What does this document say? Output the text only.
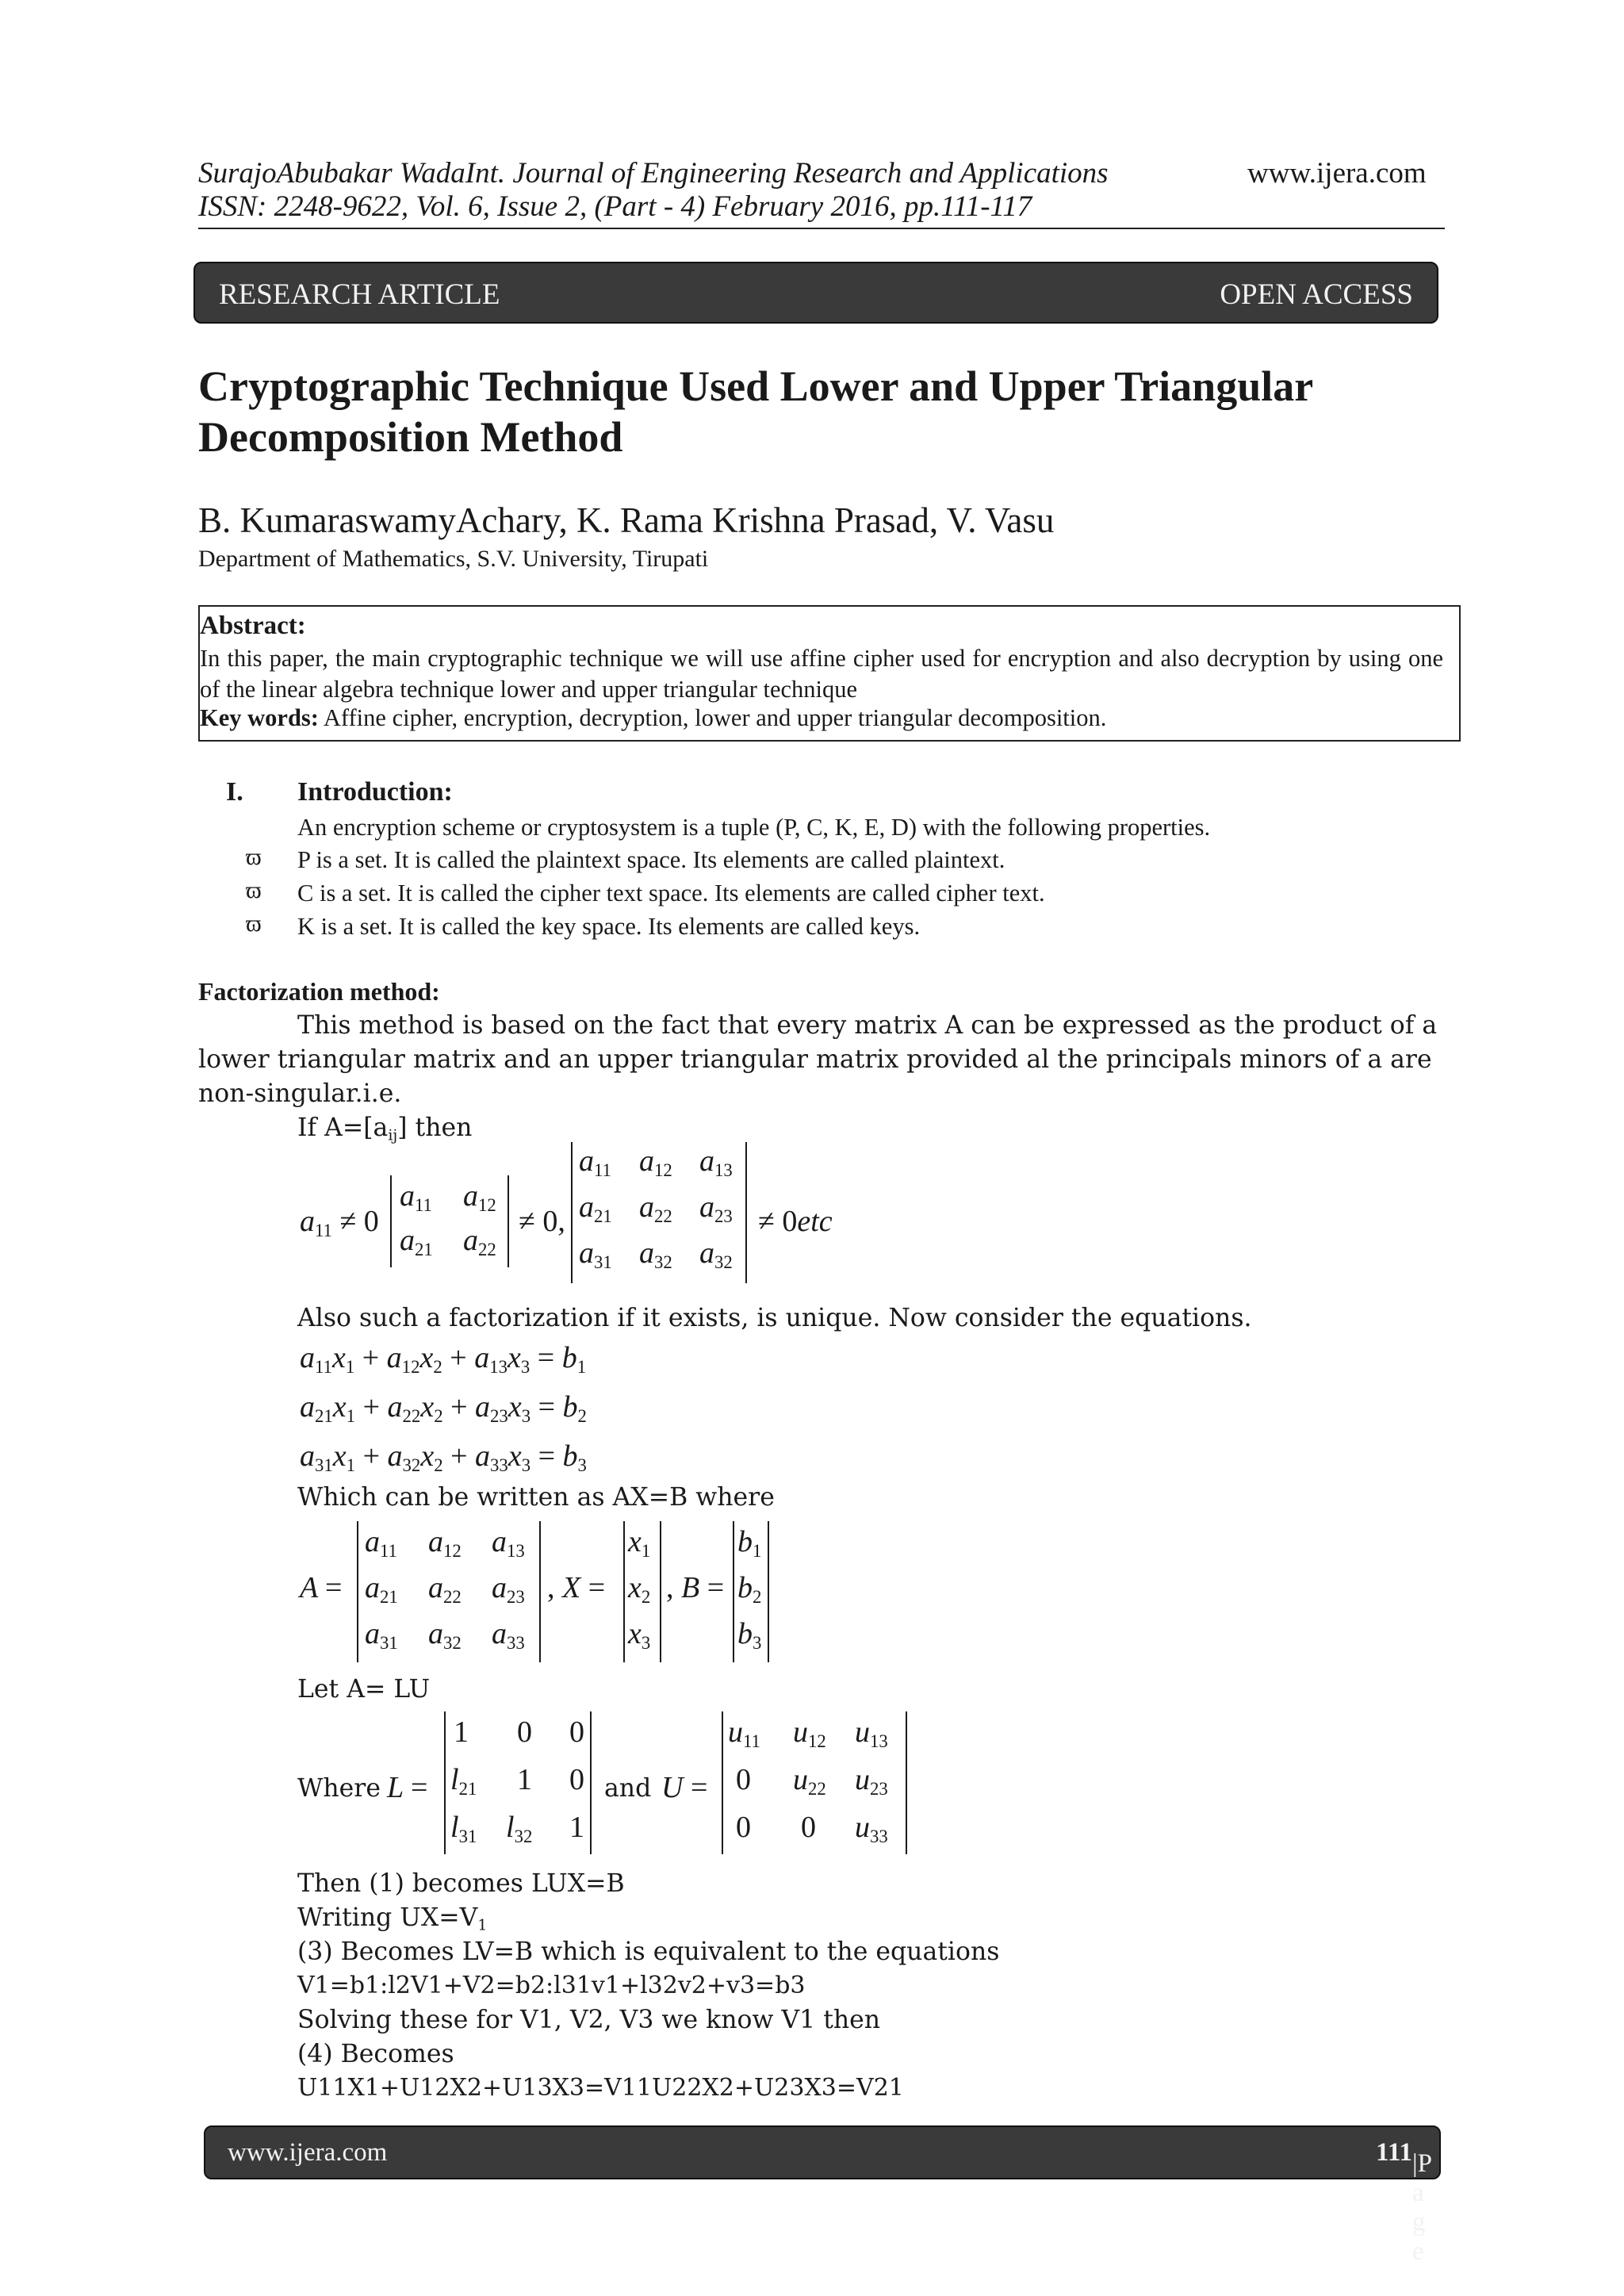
SurajoAbubakar WadaInt. Journal of Engineering Research and Applications	www.ijera.com
ISSN: 2248-9622, Vol. 6, Issue 2, (Part - 4) February 2016, pp.111-117
RESEARCH ARTICLE	OPEN ACCESS
Cryptographic Technique Used Lower and Upper Triangular
Decomposition Method
B. KumaraswamyAchary, K. Rama Krishna Prasad, V. Vasu
Department of Mathematics, S.V. University, Tirupati
Abstract:
In this paper, the main cryptographic technique we will use affine cipher used for encryption and also decryption by using one of the linear algebra technique lower and upper triangular technique
Key words: Affine cipher, encryption, decryption, lower and upper triangular decomposition.
I. Introduction:
An encryption scheme or cryptosystem is a tuple (P, C, K, E, D) with the following properties.
ϖ P is a set. It is called the plaintext space. Its elements are called plaintext.
ϖ C is a set. It is called the cipher text space. Its elements are called cipher text.
ϖ K is a set. It is called the key space. Its elements are called keys.
Factorization method:
This method is based on the fact that every matrix A can be expressed as the product of a
lower triangular matrix and an upper triangular matrix provided al the principals minors of a are
non-singular.i.e.
If $A=[a_{ij}]$ then
$a_{11} \ne 0$
$a_{11}$ $a_{12}$
$a_{21}$ $a_{22}$
≠ 0,
$a_{11}$ $a_{12}$ $a_{13}$
$a_{21}$ $a_{22}$ $a_{23}$
$a_{31}$ $a_{32}$ $a_{32}$
≠ 0etc
Also such a factorization if it exists, is unique. Now consider the equations.
$a_{11}x_1 + a_{12}x_2 + a_{13}x_3 = b_1$
$a_{21}x_1 + a_{22}x_2 + a_{23}x_3 = b_2$
$a_{31}x_1 + a_{32}x_2 + a_{33}x_3 = b_3$
Which can be written as AX=B where
A =
$a_{11}$ $a_{12}$ $a_{13}$
$a_{21}$ $a_{22}$ $a_{23}$
$a_{31}$ $a_{32}$ $a_{33}$
, X =
$x_1$
$x_2$
$x_3$
, B =
$b_1$
$b_2$
$b_3$
Let A= LU
Where L =
1 0 0
$l_{21}$ 1 0
$l_{31}$ $l_{32}$ 1
and U =
$u_{11}$ $u_{12}$ $u_{13}$
0 $u_{22}$ $u_{23}$
0 0 $u_{33}$
Then (1) becomes LUX=B
Writing $UX=V_1$
(3) Becomes LV=B which is equivalent to the equations
V1=b1:l2V1+V2=b2:l31v1+l32v2+v3=b3
Solving these for V1, V2, V3 we know V1 then
(4) Becomes
U11X1+U12X2+U13X3=V11U22X2+U23X3=V21
www.ijera.com	111 |P a g e
